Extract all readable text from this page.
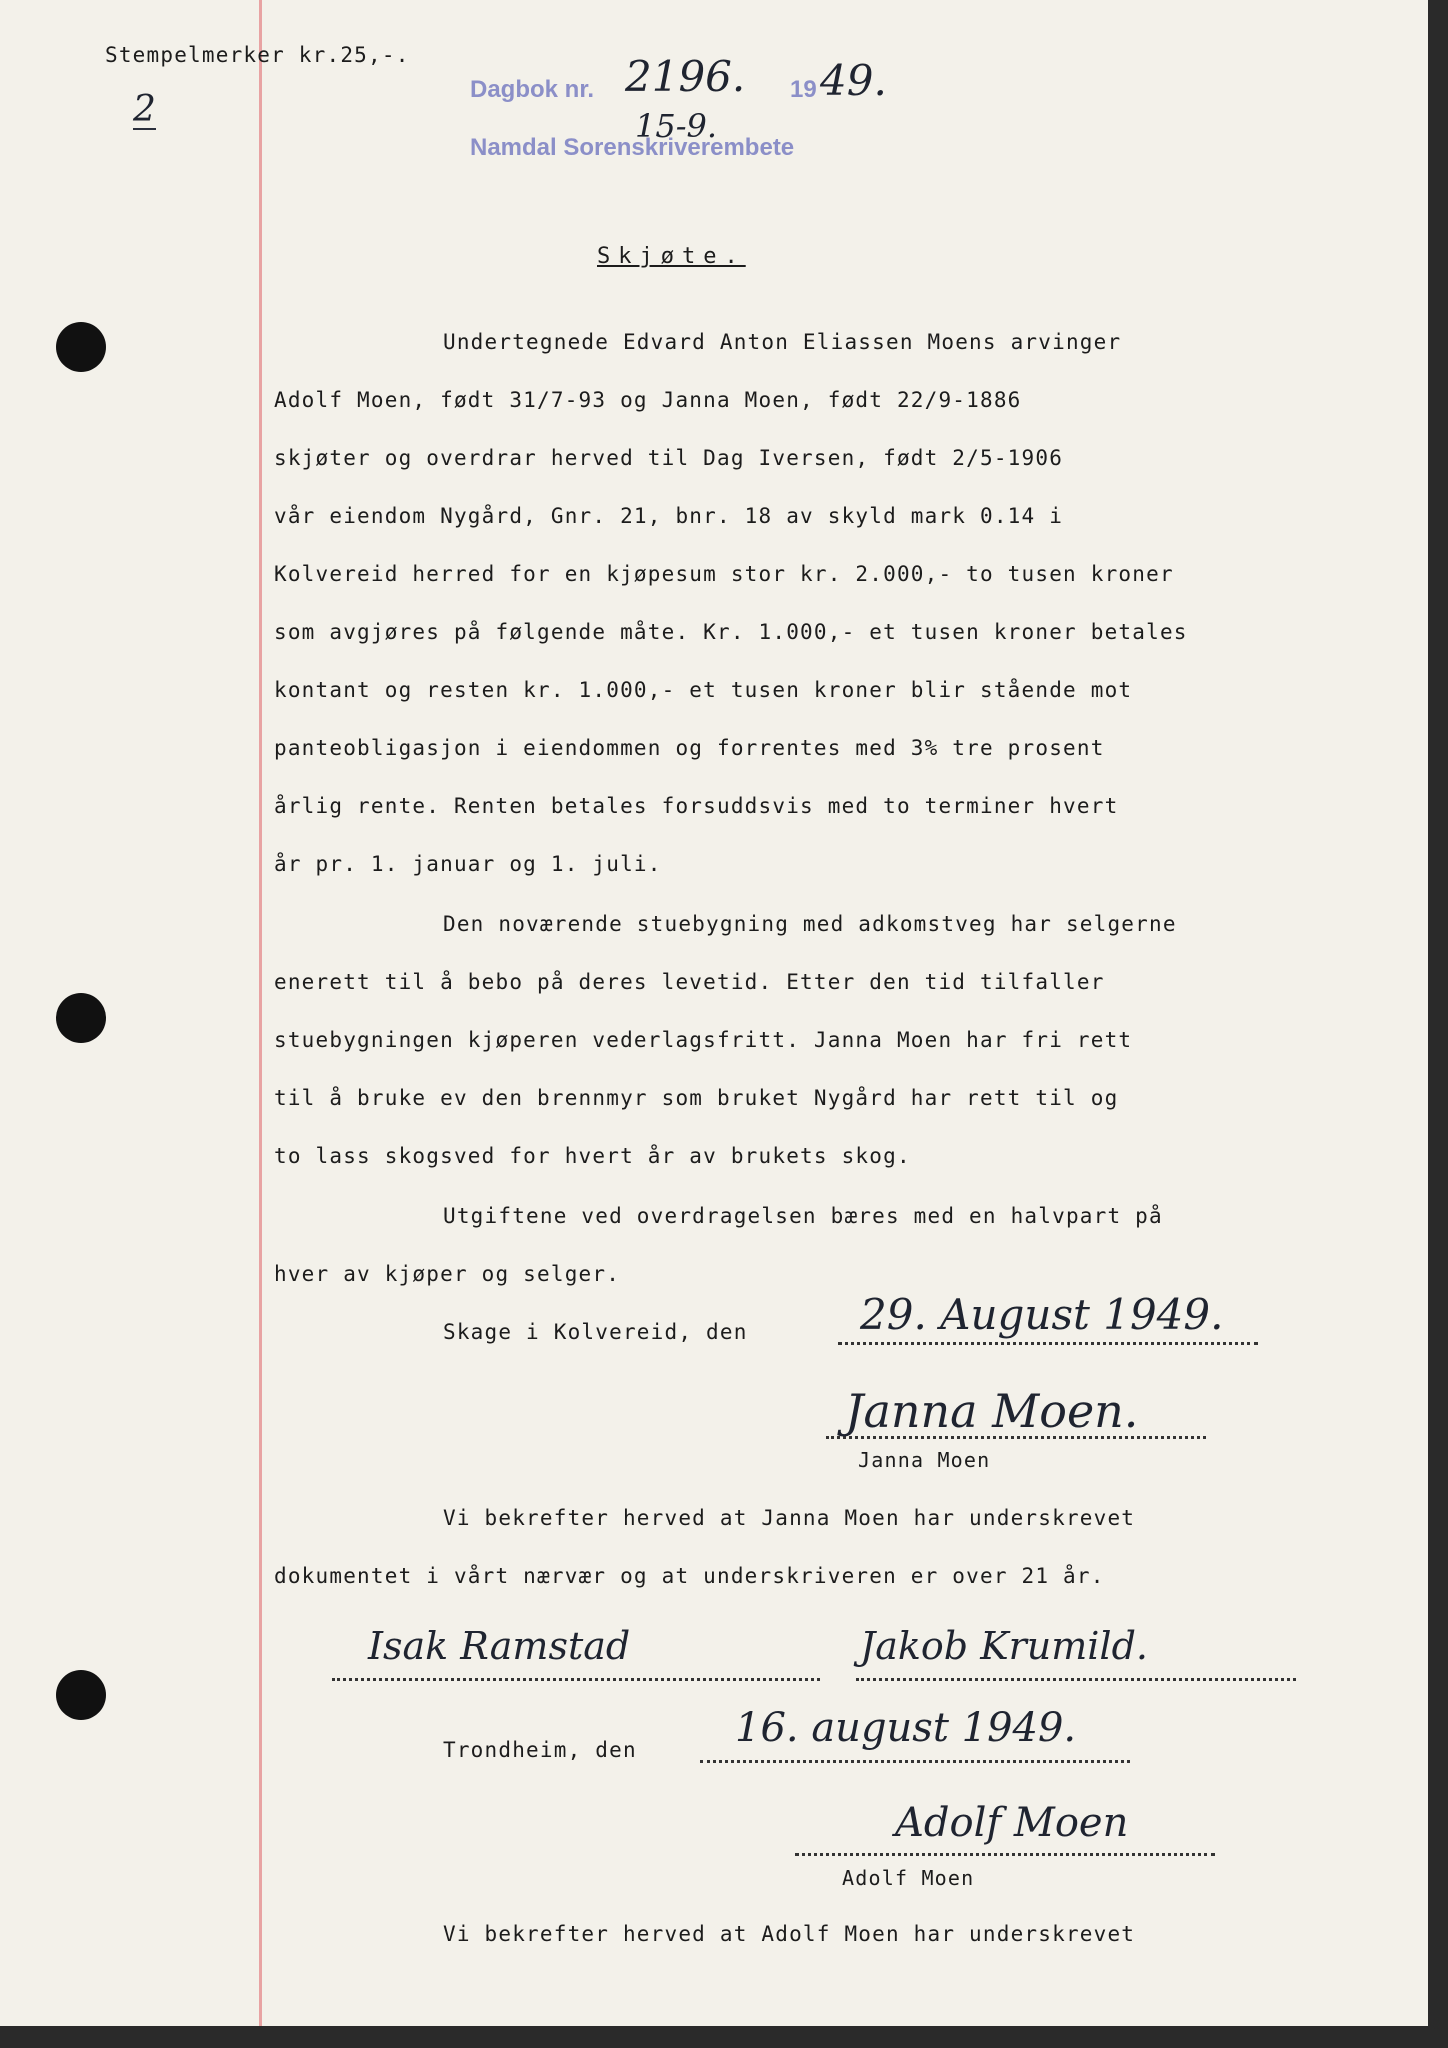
Stempelmerker kr.25,-.

2	Dagbok nr. 2196. 19 49.

15-9.

Namdal Sorenskriverembete

Skjøte.

Undertegnede Edvard Anton Eliassen Moens arvinger

Adolf Moen, født 31/7-93 og Janna Moen, født 22/9-1886

skjøter og overdrar herved til Dag Iversen, født 2/5-1906

vår eiendom Nygård, Gnr. 21, bnr. 18 av skyld mark 0.14 i

Kolvereid herred for en kjøpesum stor kr. 2.000,- to tusen kroner

som avgjøres på følgende måte. Kr. 1.000,- et tusen kroner betales

kontant og resten kr. 1.000,- et tusen kroner blir stående mot

panteobligasjon i eiendommen og forrentes med 3% tre prosent

årlig rente. Renten betales forsuddsvis med to terminer hvert

år pr. 1. januar og 1. juli.

Den noværende stuebygning med adkomstveg har selgerne

enerett til å bebo på deres levetid. Etter den tid tilfaller

stuebygningen kjøperen vederlagsfritt. Janna Moen har fri rett

til å bruke ev den brennmyr som bruket Nygård har rett til og

to lass skogsved for hvert år av brukets skog.

Utgiftene ved overdragelsen bæres med en halvpart på

hver av kjøper og selger.

Skage i Kolvereid, den	29. August 1949.

Janna Moen.

Janna Moen

Vi bekrefter herved at Janna Moen har underskrevet

dokumentet i vårt nærvær og at underskriveren er over 21 år.

Isak Ramstad	Jakob Krumild.

Trondheim, den 16. august 1949.

Adolf Moen

Adolf Moen

Vi bekrefter herved at Adolf Moen har underskrevet
